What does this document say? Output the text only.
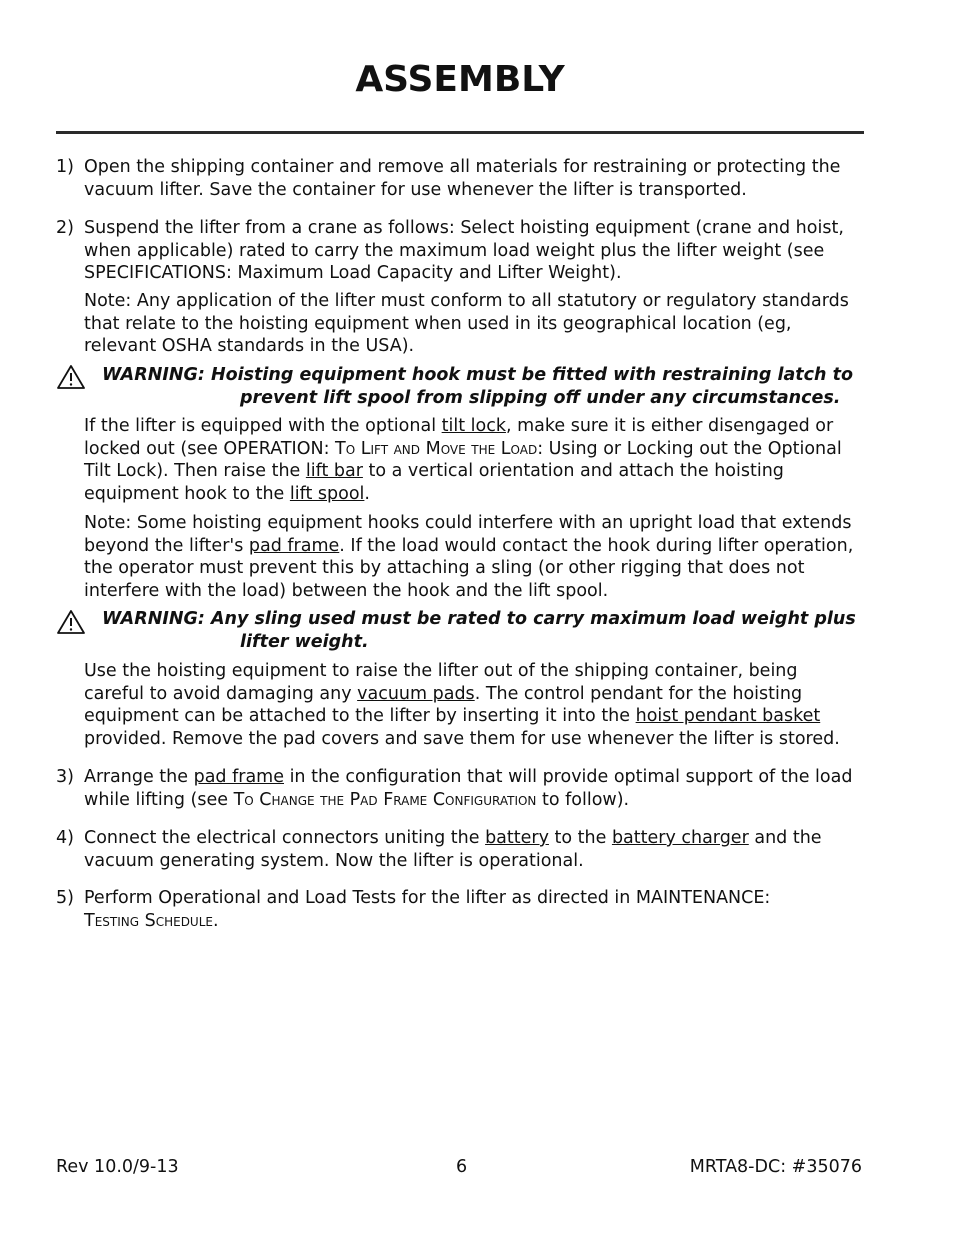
ASSEMBLY
1) Open the shipping container and remove all materials for restraining or protecting the vacuum lifter. Save the container for use whenever the lifter is transported.

2) Suspend the lifter from a crane as follows: Select hoisting equipment (crane and hoist, when applicable) rated to carry the maximum load weight plus the lifter weight (see SPECIFICATIONS: Maximum Load Capacity and Lifter Weight).

Note: Any application of the lifter must conform to all statutory or regulatory standards that relate to the hoisting equipment when used in its geographical location (eg, relevant OSHA standards in the USA).

WARNING: Hoisting equipment hook must be fitted with restraining latch to
prevent lift spool from slipping off under any circumstances.

If the lifter is equipped with the optional tilt lock, make sure it is either disengaged or locked out (see OPERATION: To Lift and Move the Load: Using or Locking out the Optional Tilt Lock). Then raise the lift bar to a vertical orientation and attach the hoisting equipment hook to the lift spool.

Note: Some hoisting equipment hooks could interfere with an upright load that extends beyond the lifter's pad frame. If the load would contact the hook during lifter operation, the operator must prevent this by attaching a sling (or other rigging that does not interfere with the load) between the hook and the lift spool.

WARNING: Any sling used must be rated to carry maximum load weight plus
lifter weight.

Use the hoisting equipment to raise the lifter out of the shipping container, being careful to avoid damaging any vacuum pads. The control pendant for the hoisting equipment can be attached to the lifter by inserting it into the hoist pendant basket provided. Remove the pad covers and save them for use whenever the lifter is stored.

3) Arrange the pad frame in the configuration that will provide optimal support of the load while lifting (see To Change the Pad Frame Configuration to follow).

4) Connect the electrical connectors uniting the battery to the battery charger and the vacuum generating system. Now the lifter is operational.

5) Perform Operational and Load Tests for the lifter as directed in MAINTENANCE: Testing Schedule.

Rev 10.0/9-13	6	MRTA8-DC: #35076
